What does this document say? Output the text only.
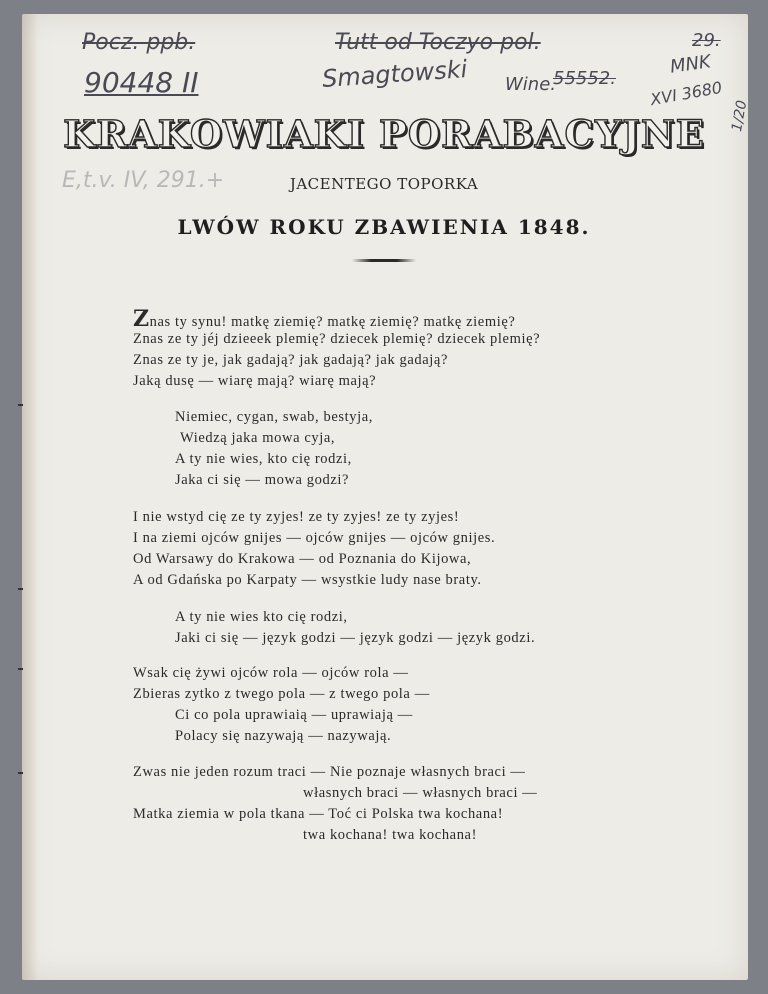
Pocz. ppb.
90448 II
Tutt od Toczyo pol.
Smagtowski Wine.
55552.
29.
MNK
XVI 3680
1/20
E,t.v. IV, 291.+
KRAKOWIAKI PORABACYJNE
JACENTEGO TOPORKA
LWÓW ROKU ZBAWIENIA 1848.
Znas ty synu! matkę ziemię? matkę ziemię? matkę ziemię?
Znas ze ty jéj dzieeek plemię? dziecek plemię? dziecek plemię?
Znas ze ty je, jak gadają? jak gadają? jak gadają?
Jaką dusę — wiarę mają? wiarę mają?
Niemiec, cygan, swab, bestyja,
Wiedzą jaka mowa cyja,
A ty nie wies, kto cię rodzi,
Jaka ci się — mowa godzi?
I nie wstyd cię ze ty zyjes! ze ty zyjes! ze ty zyjes!
I na ziemi ojców gnijes — ojców gnijes — ojców gnijes.
Od Warsawy do Krakowa — od Poznania do Kijowa,
A od Gdańska po Karpaty — wsystkie ludy nase braty.
A ty nie wies kto cię rodzi,
Jaki ci się — język godzi — język godzi — język godzi.
Wsak cię żywi ojców rola — ojców rola —
Zbieras zytko z twego pola — z twego pola —
Ci co pola uprawiaią — uprawiają —
Polacy się nazywają — nazywają.
Zwas nie jeden rozum traci — Nie poznaje własnych braci —
własnych braci — własnych braci —
Matka ziemia w pola tkana — Toć ci Polska twa kochana!
twa kochana! twa kochana!
